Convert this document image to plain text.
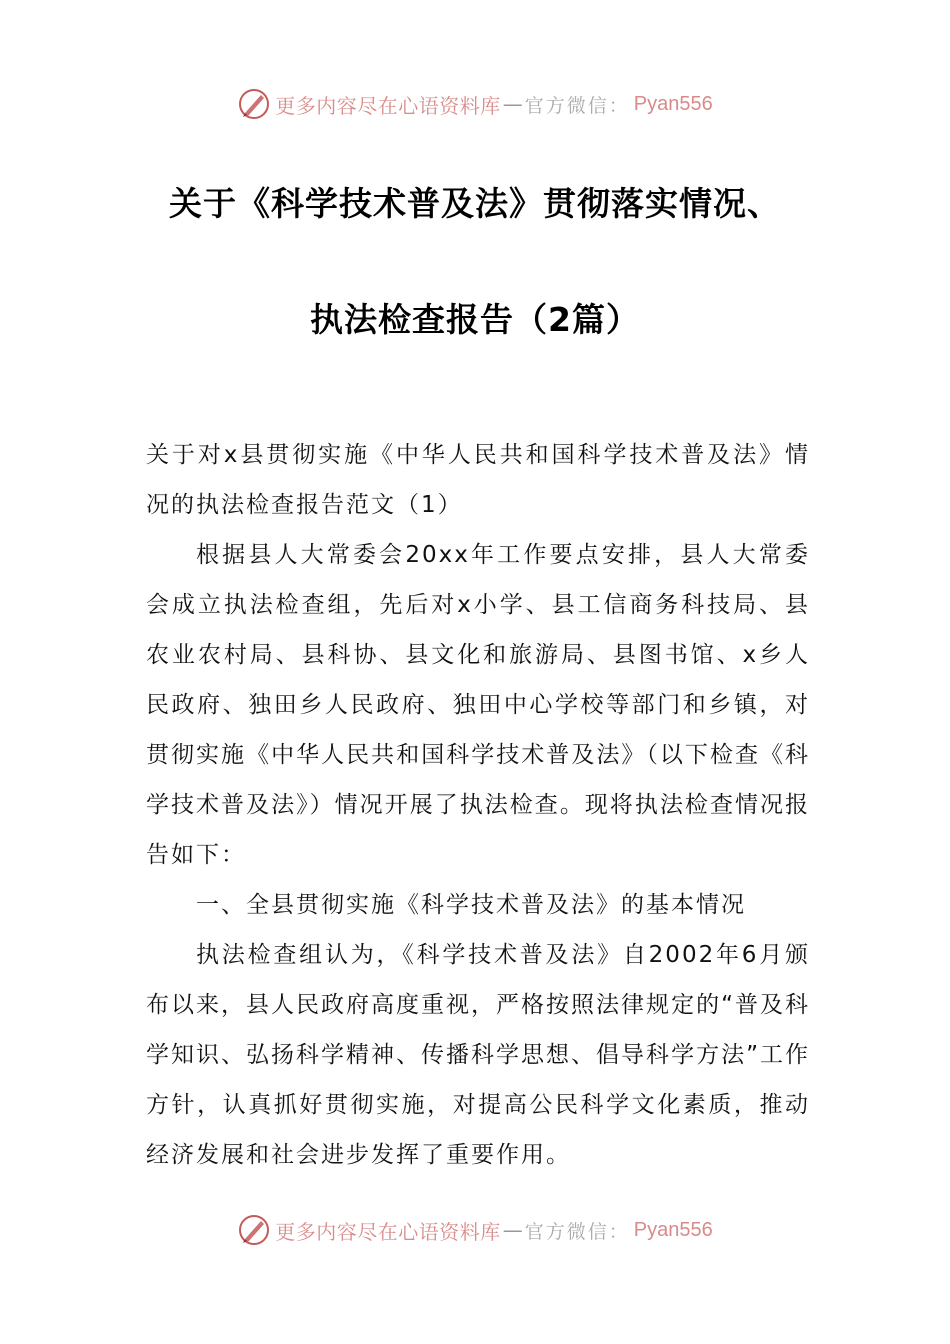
更多内容尽在心语资料库 — 官方微信： Pyan556
关于《科学技术普及法》贯彻落实情况、
执法检查报告（2篇）

关于对x县贯彻实施《中华人民共和国科学技术普及法》情况的执法检查报告范文（1）

根据县人大常委会20xx年工作要点安排，县人大常委会成立执法检查组，先后对x小学、县工信商务科技局、县农业农村局、县科协、县文化和旅游局、县图书馆、x乡人民政府、独田乡人民政府、独田中心学校等部门和乡镇，对贯彻实施《中华人民共和国科学技术普及法》（以下检查《科学技术普及法》）情况开展了执法检查。现将执法检查情况报告如下：

一、全县贯彻实施《科学技术普及法》的基本情况

执法检查组认为，《科学技术普及法》自2002年6月颁布以来，县人民政府高度重视，严格按照法律规定的“普及科学知识、弘扬科学精神、传播科学思想、倡导科学方法”工作方针，认真抓好贯彻实施，对提高公民科学文化素质，推动经济发展和社会进步发挥了重要作用。

更多内容尽在心语资料库 — 官方微信： Pyan556
